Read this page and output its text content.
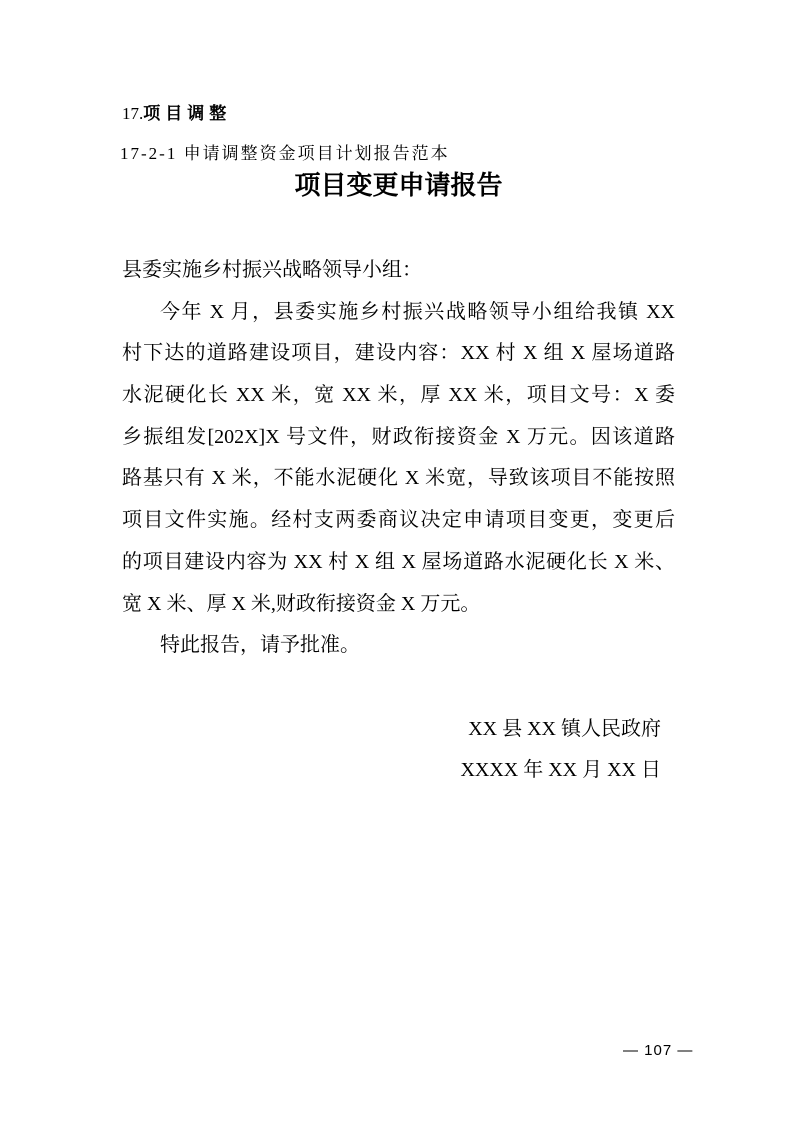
17.项目调整
17-2-1 申请调整资金项目计划报告范本
项目变更申请报告
县委实施乡村振兴战略领导小组：
今年 X 月，县委实施乡村振兴战略领导小组给我镇 XX
村下达的道路建设项目，建设内容：XX 村 X 组 X 屋场道路
水泥硬化长 XX 米，宽 XX 米，厚 XX 米，项目文号：X 委
乡振组发[202X]X 号文件，财政衔接资金 X 万元。因该道路
路基只有 X 米，不能水泥硬化 X 米宽，导致该项目不能按照
项目文件实施。经村支两委商议决定申请项目变更，变更后
的项目建设内容为 XX 村 X 组 X 屋场道路水泥硬化长 X 米、
宽 X 米、厚 X 米,财政衔接资金 X 万元。
特此报告，请予批准。
XX 县 XX 镇人民政府
XXXX 年 XX 月 XX 日
— 107 —
